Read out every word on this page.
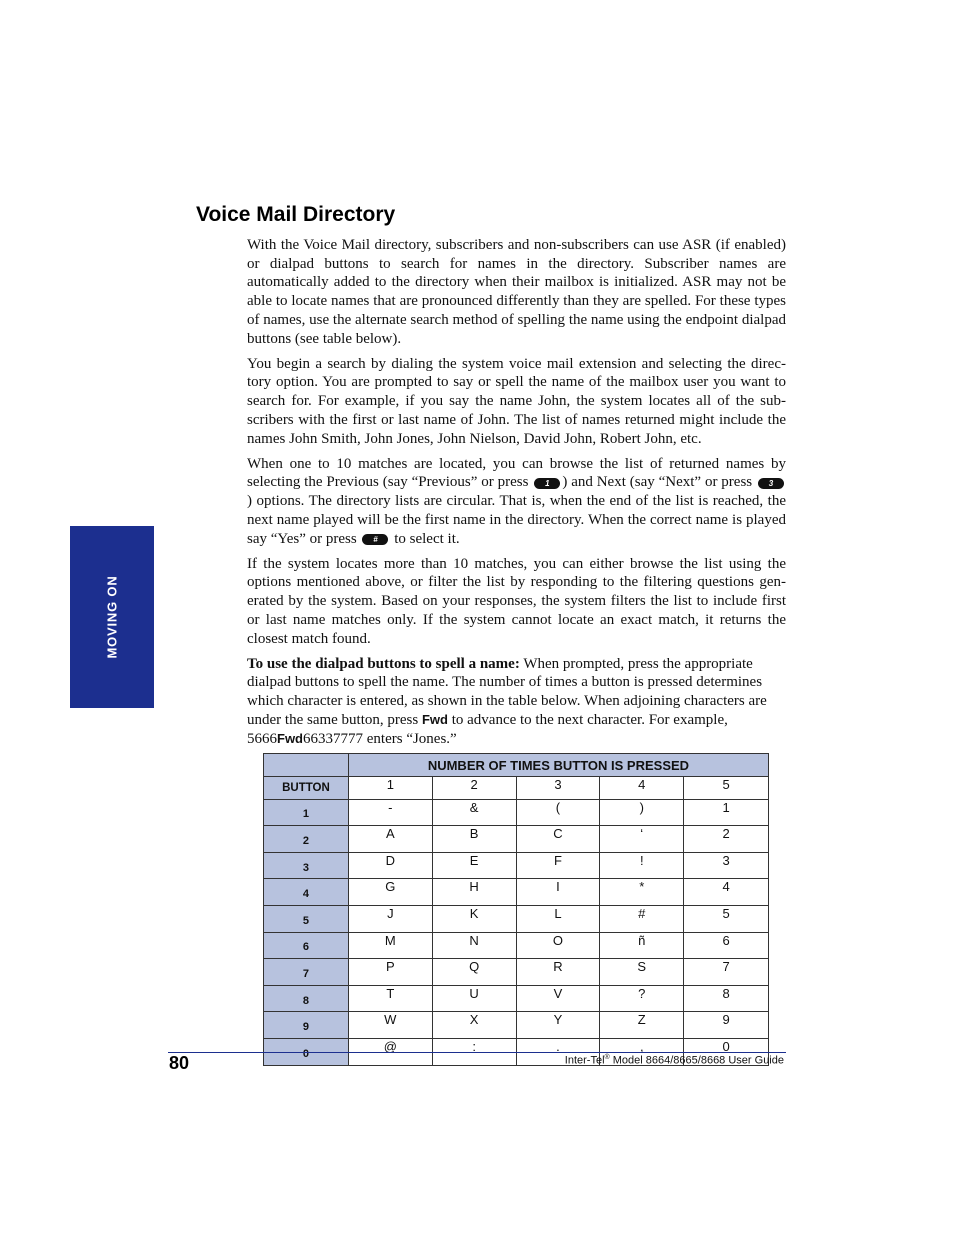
MOVING ON
Voice Mail Directory

With the Voice Mail directory, subscribers and non-subscribers can use ASR (if enabled) or dialpad buttons to search for names in the directory. Subscriber names are automatically added to the directory when their mailbox is initialized. ASR may not be able to locate names that are pronounced differently than they are spelled. For these types of names, use the alternate search method of spelling the name using the endpoint dialpad buttons (see table below).

You begin a search by dialing the system voice mail extension and selecting the direc-tory option. You are prompted to say or spell the name of the mailbox user you want to search for. For example, if you say the name John, the system locates all of the sub-scribers with the first or last name of John. The list of names returned might include the names John Smith, John Jones, John Nielson, David John, Robert John, etc.

When one to 10 matches are located, you can browse the list of returned names by selecting the Previous (say “Previous” or press 1 ) and Next (say “Next” or press 3) options. The directory lists are circular. That is, when the end of the list is reached, the next name played will be the first name in the directory. When the correct name is played say “Yes” or press # to select it.

If the system locates more than 10 matches, you can either browse the list using the options mentioned above, or filter the list by responding to the filtering questions gen-erated by the system. Based on your responses, the system filters the list to include first or last name matches only. If the system cannot locate an exact match, it returns the closest match found.

To use the dialpad buttons to spell a name: When prompted, press the appropriate dialpad buttons to spell the name. The number of times a button is pressed determines which character is entered, as shown in the table below. When adjoining characters are under the same button, press Fwd to advance to the next character. For example, 5666Fwd66337777 enters “Jones.”

	NUMBER OF TIMES BUTTON IS PRESSED				
BUTTON	1	2	3	4	5
1	-	&	(	)	1
2	A	B	C	‘	2
3	D	E	F	!	3
4	G	H	I	*	4
5	J	K	L	#	5
6	M	N	O	ñ	6
7	P	Q	R	S	7
8	T	U	V	?	8
9	W	X	Y	Z	9
0	@	:	.	,	0
80	Inter-Tel® Model 8664/8665/8668 User Guide
